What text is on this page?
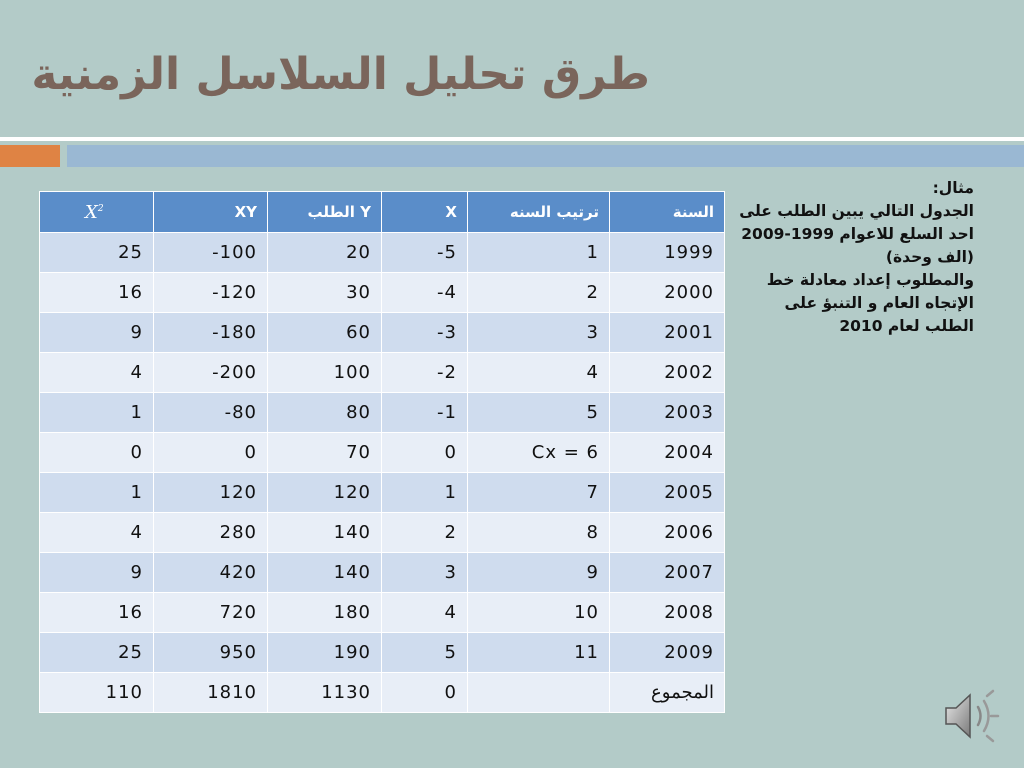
طرق تحليل السلاسل الزمنية
$X^2$	XY	الطلب Y	X	ترتيب السنه	السنة
25	-100	20	-5	1	1999
16	-120	30	-4	2	2000
9	-180	60	-3	3	2001
4	-200	100	-2	4	2002
1	-80	80	-1	5	2003
0	0	70	0	Cx = 6	2004
1	120	120	1	7	2005
4	280	140	2	8	2006
9	420	140	3	9	2007
16	720	180	4	10	2008
25	950	190	5	11	2009
110	1810	1130	0		المجموع

مثال:

الجدول التالي يبين الطلب على احد السلع للاعوام 1999-2009 (الف وحدة)

والمطلوب إعداد معادلة خط الإتجاه العام و التنبؤ على الطلب لعام 2010
